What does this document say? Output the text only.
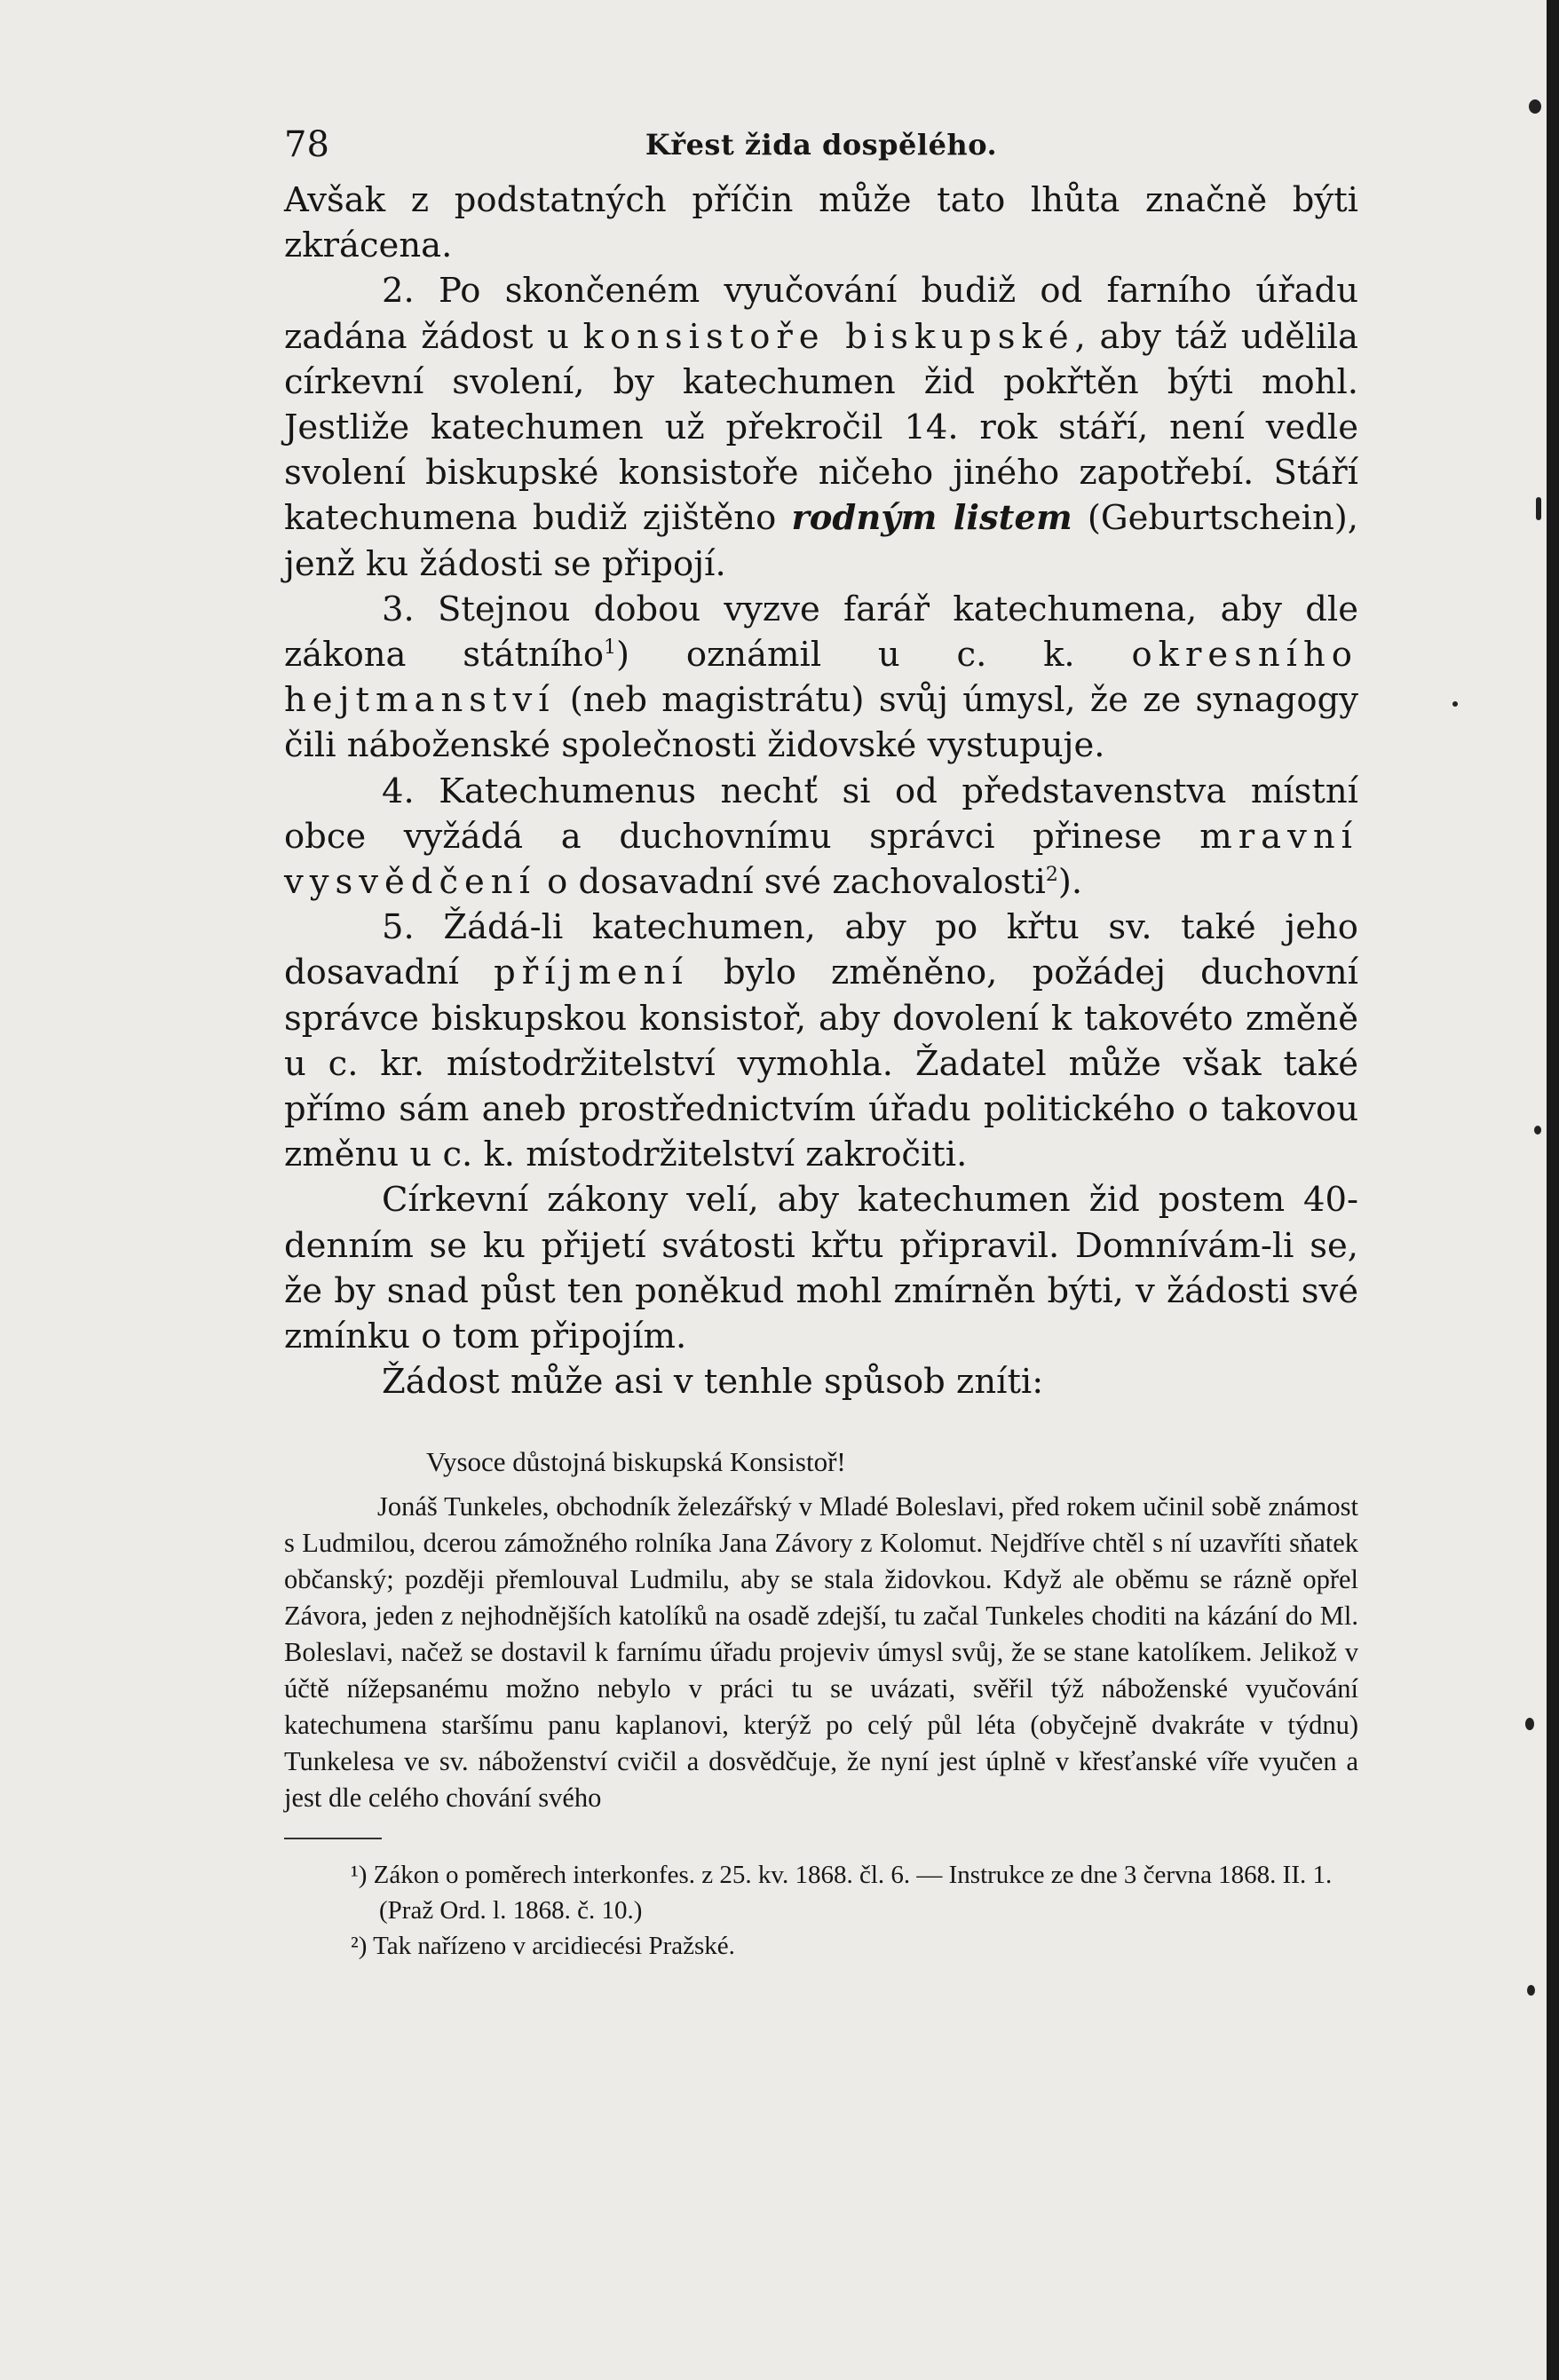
78	Křest žida dospělého.

Avšak z podstatných příčin může tato lhůta značně býti zkrácena.

2. Po skončeném vyučování budiž od farního úřadu zadána žádost u konsistoře biskupské, aby táž udělila církevní svolení, by katechumen žid pokřtěn býti mohl. Jestliže katechumen už překročil 14. rok stáří, není vedle svolení biskupské konsistoře ničeho jiného zapotřebí. Stáří katechumena budiž zjištěno rodným listem (Geburtschein), jenž ku žádosti se připojí.

3. Stejnou dobou vyzve farář katechumena, aby dle zákona státního$^1$) oznámil u c. k. okresního hejtmanství (neb magistrátu) svůj úmysl, že ze synagogy čili náboženské společnosti židovské vystupuje.

4. Katechumenus nechť si od představenstva místní obce vyžádá a duchovnímu správci přinese mravní vysvědčení o dosavadní své zachovalosti$^2$).

5. Žádá-li katechumen, aby po křtu sv. také jeho dosavadní příjmení bylo změněno, požádej duchovní správce biskupskou konsistoř, aby dovolení k takovéto změně u c. kr. místodržitelství vymohla. Žadatel může však také přímo sám aneb prostřednictvím úřadu politického o takovou změnu u c. k. místodržitelství zakročiti.

Církevní zákony velí, aby katechumen žid postem 40-denním se ku přijetí svátosti křtu připravil. Domnívám-li se, že by snad půst ten poněkud mohl zmírněn býti, v žádosti své zmínku o tom připojím.

Žádost může asi v tenhle spůsob zníti:

Vysoce důstojná biskupská Konsistoř!

Jonáš Tunkeles, obchodník železářský v Mladé Boleslavi, před rokem učinil sobě známost s Ludmilou, dcerou zámožného rolníka Jana Závory z Kolomut. Nejdříve chtěl s ní uzavříti sňatek občanský; později přemlouval Ludmilu, aby se stala židovkou. Když ale oběmu se rázně opřel Závora, jeden z nejhodnějších katolíků na osadě zdejší, tu začal Tunkeles choditi na kázání do Ml. Boleslavi, načež se dostavil k farnímu úřadu projeviv úmysl svůj, že se stane katolíkem. Jelikož v účtě nížepsanému možno nebylo v práci tu se uvázati, svěřil týž náboženské vyučování katechumena staršímu panu kaplanovi, kterýž po celý půl léta (obyčejně dvakráte v týdnu) Tunkelesa ve sv. náboženství cvičil a dosvědčuje, že nyní jest úplně v křesťanské víře vyučen a jest dle celého chování svého

¹) Zákon o poměrech interkonfes. z 25. kv. 1868. čl. 6. — Instrukce ze dne 3 června 1868. II. 1. (Praž Ord. l. 1868. č. 10.)
²) Tak nařízeno v arcidiecési Pražské.
